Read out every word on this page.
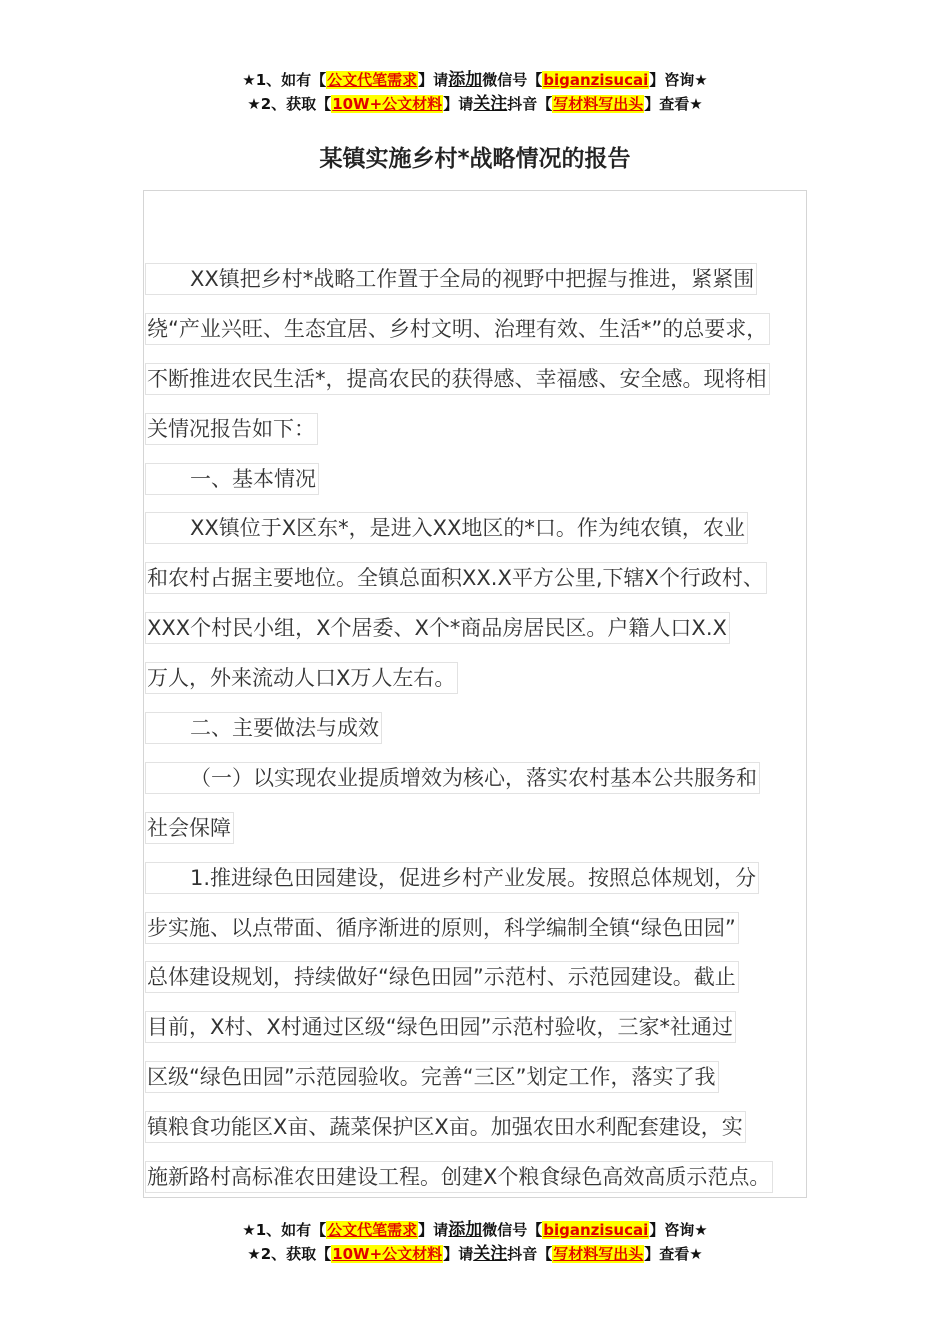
★1、如有【公文代笔需求】请添加微信号【biganzisucai】咨询★
★2、获取【10W+公文材料】请关注抖音【写材料写出头】查看★
某镇实施乡村*战略情况的报告
XX镇把乡村*战略工作置于全局的视野中把握与推进，紧紧围
绕“产业兴旺、生态宜居、乡村文明、治理有效、生活*”的总要求，
不断推进农民生活*，提高农民的获得感、幸福感、安全感。现将相
关情况报告如下：
一、基本情况
XX镇位于X区东*，是进入XX地区的*口。作为纯农镇，农业
和农村占据主要地位。全镇总面积XX.X平方公里,下辖X个行政村、
XXX个村民小组，X个居委、X个*商品房居民区。户籍人口X.X
万人，外来流动人口X万人左右。
二、主要做法与成效
（一）以实现农业提质增效为核心，落实农村基本公共服务和
社会保障
1.推进绿色田园建设，促进乡村产业发展。按照总体规划，分
步实施、以点带面、循序渐进的原则，科学编制全镇“绿色田园”
总体建设规划，持续做好“绿色田园”示范村、示范园建设。截止
目前，X村、X村通过区级“绿色田园”示范村验收，三家*社通过
区级“绿色田园”示范园验收。完善“三区”划定工作，落实了我
镇粮食功能区X亩、蔬菜保护区X亩。加强农田水利配套建设，实
施新路村高标准农田建设工程。创建X个粮食绿色高效高质示范点。
★1、如有【公文代笔需求】请添加微信号【biganzisucai】咨询★
★2、获取【10W+公文材料】请关注抖音【写材料写出头】查看★
